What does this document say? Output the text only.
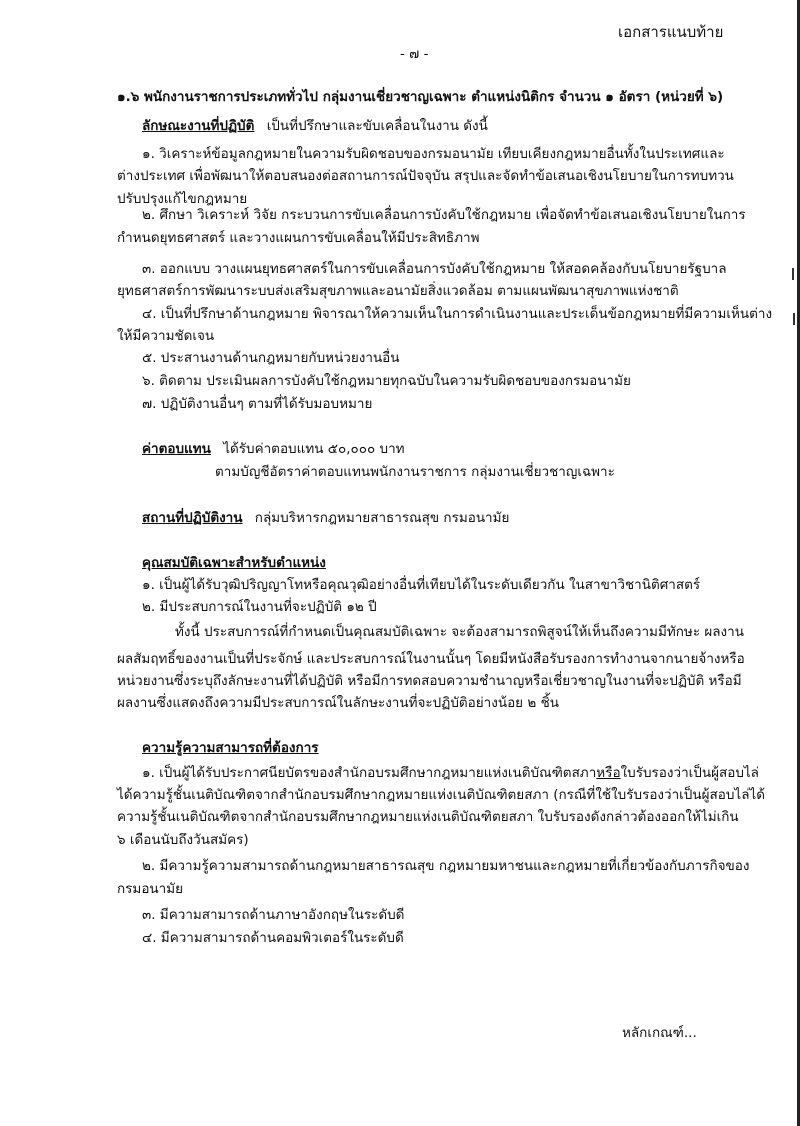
เอกสารแนบท้าย
- ๗ -
๑.๖ พนักงานราชการประเภททั่วไป กลุ่มงานเชี่ยวชาญเฉพาะ ตำแหน่งนิติกร จำนวน ๑ อัตรา (หน่วยที่ ๖)
ลักษณะงานที่ปฏิบัติ เป็นที่ปรึกษาและขับเคลื่อนในงาน ดังนี้
๑. วิเคราะห์ข้อมูลกฎหมายในความรับผิดชอบของกรมอนามัย เทียบเคียงกฎหมายอื่นทั้งในประเทศและ
ต่างประเทศ เพื่อพัฒนาให้ตอบสนองต่อสถานการณ์ปัจจุบัน สรุปและจัดทำข้อเสนอเชิงนโยบายในการทบทวน
ปรับปรุงแก้ไขกฎหมาย
๒. ศึกษา วิเคราะห์ วิจัย กระบวนการขับเคลื่อนการบังคับใช้กฎหมาย เพื่อจัดทำข้อเสนอเชิงนโยบายในการ
กำหนดยุทธศาสตร์ และวางแผนการขับเคลื่อนให้มีประสิทธิภาพ
๓. ออกแบบ วางแผนยุทธศาสตร์ในการขับเคลื่อนการบังคับใช้กฎหมาย ให้สอดคล้องกับนโยบายรัฐบาล
ยุทธศาสตร์การพัฒนาระบบส่งเสริมสุขภาพและอนามัยสิ่งแวดล้อม ตามแผนพัฒนาสุขภาพแห่งชาติ
๔. เป็นที่ปรึกษาด้านกฎหมาย พิจารณาให้ความเห็นในการดำเนินงานและประเด็นข้อกฎหมายที่มีความเห็นต่าง
ให้มีความชัดเจน
๕. ประสานงานด้านกฎหมายกับหน่วยงานอื่น
๖. ติดตาม ประเมินผลการบังคับใช้กฎหมายทุกฉบับในความรับผิดชอบของกรมอนามัย
๗. ปฏิบัติงานอื่นๆ ตามที่ได้รับมอบหมาย
ค่าตอบแทน ได้รับค่าตอบแทน ๕๐,๐๐๐ บาท
ตามบัญชีอัตราค่าตอบแทนพนักงานราชการ กลุ่มงานเชี่ยวชาญเฉพาะ
สถานที่ปฏิบัติงาน กลุ่มบริหารกฎหมายสาธารณสุข กรมอนามัย
คุณสมบัติเฉพาะสำหรับตำแหน่ง
๑. เป็นผู้ได้รับวุฒิปริญญาโทหรือคุณวุฒิอย่างอื่นที่เทียบได้ในระดับเดียวกัน ในสาขาวิชานิติศาสตร์
๒. มีประสบการณ์ในงานที่จะปฏิบัติ ๑๒ ปี
ทั้งนี้ ประสบการณ์ที่กำหนดเป็นคุณสมบัติเฉพาะ จะต้องสามารถพิสูจน์ให้เห็นถึงความมีทักษะ ผลงาน
ผลสัมฤทธิ์ของงานเป็นที่ประจักษ์ และประสบการณ์ในงานนั้นๆ โดยมีหนังสือรับรองการทำงานจากนายจ้างหรือ
หน่วยงานซึ่งระบุถึงลักษะงานที่ได้ปฏิบัติ หรือมีการทดสอบความชำนาญหรือเชี่ยวชาญในงานที่จะปฏิบัติ หรือมี
ผลงานซึ่งแสดงถึงความมีประสบการณ์ในลักษะงานที่จะปฏิบัติอย่างน้อย ๒ ชิ้น
ความรู้ความสามารถที่ต้องการ
๑. เป็นผู้ได้รับประกาศนียบัตรของสำนักอบรมศึกษากฎหมายแห่งเนติบัณฑิตสภาหรือใบรับรองว่าเป็นผู้สอบไล่
ได้ความรู้ชั้นเนติบัณฑิตจากสำนักอบรมศึกษากฎหมายแห่งเนติบัณฑิตยสภา (กรณีที่ใช้ใบรับรองว่าเป็นผู้สอบไล่ได้
ความรู้ชั้นเนติบัณฑิตจากสำนักอบรมศึกษากฎหมายแห่งเนติบัณฑิตยสภา ใบรับรองดังกล่าวต้องออกให้ไม่เกิน
๖ เดือนนับถึงวันสมัคร)
๒. มีความรู้ความสามารถด้านกฎหมายสาธารณสุข กฎหมายมหาชนและกฎหมายที่เกี่ยวข้องกับภารกิจของ
กรมอนามัย
๓. มีความสามารถด้านภาษาอังกฤษในระดับดี
๔. มีความสามารถด้านคอมพิวเตอร์ในระดับดี
หลักเกณฑ์...
